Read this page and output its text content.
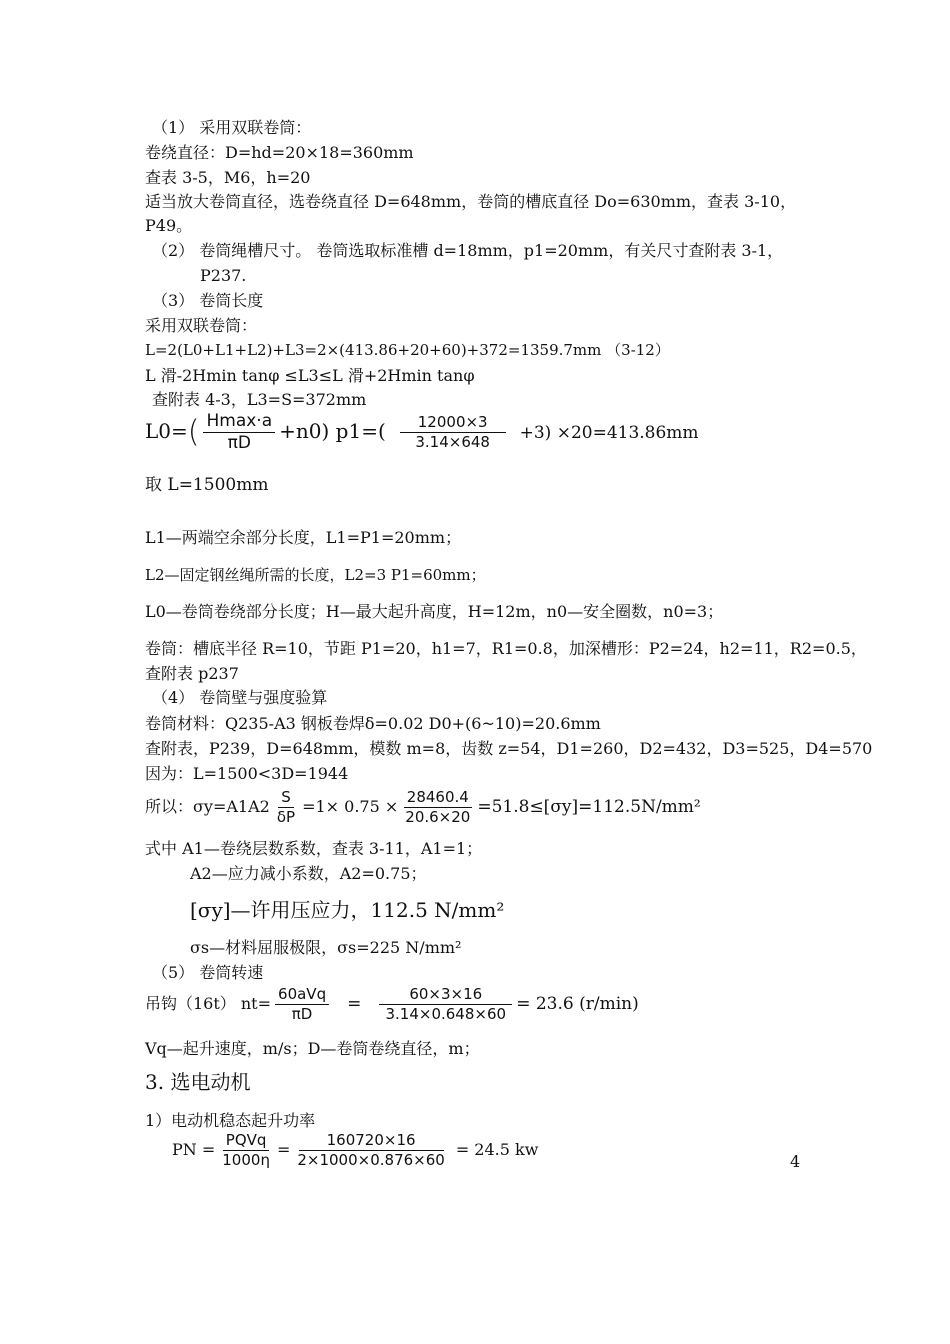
（1） 采用双联卷筒：
卷绕直径：D=hd=20×18=360mm
查表 3-5，M6，h=20
适当放大卷筒直径，选卷绕直径 D=648mm，卷筒的槽底直径 Do=630mm，查表 3-10，
P49。
（2） 卷筒绳槽尺寸。 卷筒选取标准槽 d=18mm，p1=20mm，有关尺寸查附表 3-1，
P237.
（3） 卷筒长度
采用双联卷筒：
L=2(L0+L1+L2)+L3=2×(413.86+20+60)+372=1359.7mm （3-12）
L 滑-2Hmin tanφ ≤L3≤L 滑+2Hmin tanφ
查附表 4-3，L3=S=372mm
$L0=( \frac{Hmax\cdot a}{\pi D} +n0)$ $p1=( \frac{12000\times 3}{3.14\times 648} +3) \times 20=413.86mm$
取 L=1500mm
L1—两端空余部分长度，L1=P1=20mm；
L2—固定钢丝绳所需的长度，L2=3 P1=60mm；
L0—卷筒卷绕部分长度；H—最大起升高度，H=12m，n0—安全圈数，n0=3；
卷筒：槽底半径 R=10，节距 P1=20，h1=7，R1=0.8，加深槽形：P2=24，h2=11，R2=0.5，
查附表 p237
（4） 卷筒壁与强度验算
卷筒材料：Q235-A3 钢板卷焊δ=0.02 D0+(6~10)=20.6mm
查附表，P239，D=648mm，模数 m=8，齿数 z=54，D1=260，D2=432，D3=525，D4=570
因为：L=1500<3D=1944
所以：$\sigma y=A1A2 \frac{S}{\delta P} =1\times 0.75 \times \frac{28460.4}{20.6\times 20} =51.8\le[\sigma y]=112.5N/mm^2$
式中 A1—卷绕层数系数，查表 3-11，A1=1；
A2—应力减小系数，A2=0.75；
[σy]—许用压应力，112.5 N/mm²
σs—材料屈服极限，σs=225 N/mm²
（5） 卷筒转速
吊钩（16t） $nt= \frac{\text{60aVq}}{\pi D} = \frac{60\times 3\times 16}{3.14\times 0.648\times 60} = 23.6$ (r/min)
Vq—起升速度，m/s；D—卷筒卷绕直径，m；
3. 选电动机
1）电动机稳态起升功率
PN = $\frac{\text{PQVq}}{1000\eta} = \frac{160720\times 16}{2\times 1000\times 0.876\times 60} = 24.5$ kw
4
